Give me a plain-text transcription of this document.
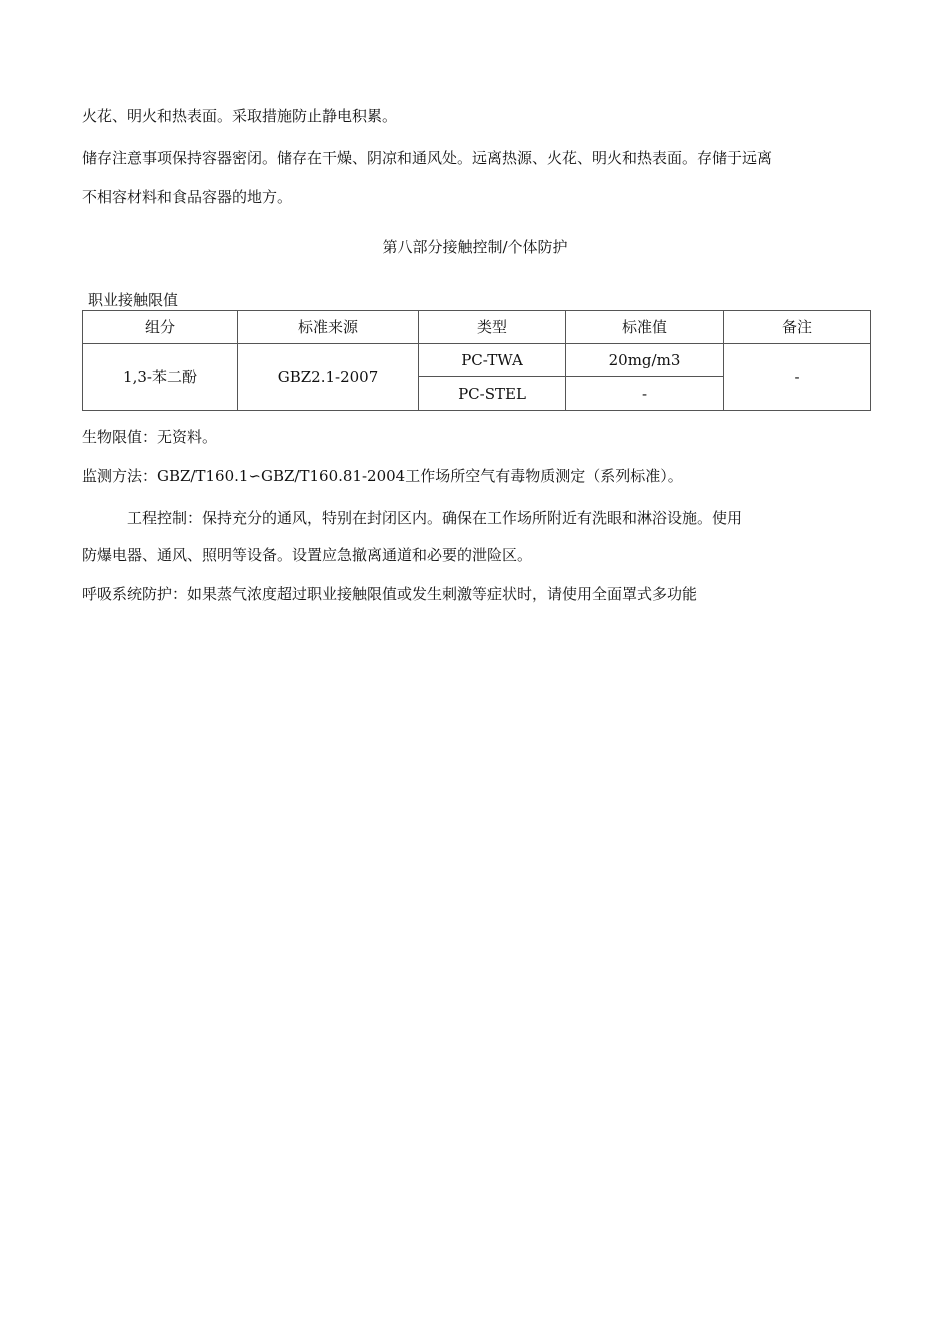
火花、明火和热表面。采取措施防止静电积累。
储存注意事项保持容器密闭。储存在干燥、阴凉和通风处。远离热源、火花、明火和热表面。存储于远离
不相容材料和食品容器的地方。
第八部分接触控制/个体防护
职业接触限值
组分	标准来源	类型	标准值	备注
1,3-苯二酚	GBZ2.1-2007	PC-TWA	20mg/m3	-
		PC-STEL	-	
生物限值：无资料。
监测方法：GBZ/T160.1∽GBZ/T160.81-2004工作场所空气有毒物质测定（系列标准）。
工程控制：保持充分的通风，特别在封闭区内。确保在工作场所附近有洗眼和淋浴设施。使用
防爆电器、通风、照明等设备。设置应急撤离通道和必要的泄险区。
呼吸系统防护：如果蒸气浓度超过职业接触限值或发生刺激等症状时，请使用全面罩式多功能
